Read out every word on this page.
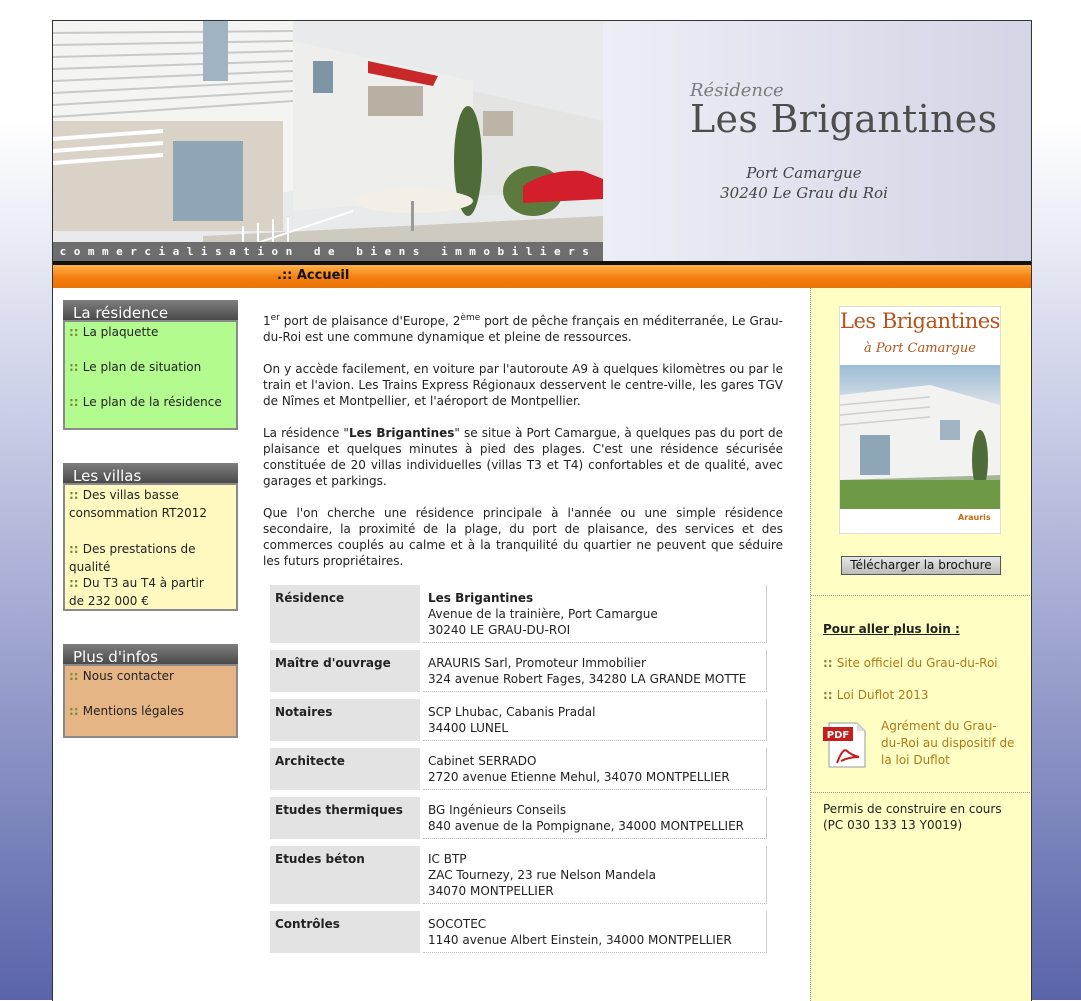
commercialisation de biens immobiliers
Résidence
Les Brigantines
Port Camargue
30240 Le Grau du Roi
.:: Accueil
La résidence
:: La plaquette
:: Le plan de situation
:: Le plan de la résidence
Les villas
:: Des villas basse consommation RT2012
:: Des prestations de qualité
:: Du T3 au T4 à partir de 232 000 €
Plus d'infos
:: Nous contacter
:: Mentions légales

1er port de plaisance d'Europe, 2ème port de pêche français en méditerranée, Le Grau-du-Roi est une commune dynamique et pleine de ressources.

On y accède facilement, en voiture par l'autoroute A9 à quelques kilomètres ou par le train et l'avion. Les Trains Express Régionaux desservent le centre-ville, les gares TGV de Nîmes et Montpellier, et l'aéroport de Montpellier.

La résidence "Les Brigantines" se situe à Port Camargue, à quelques pas du port de plaisance et quelques minutes à pied des plages. C'est une résidence sécurisée constituée de 20 villas individuelles (villas T3 et T4) confortables et de qualité, avec garages et parkings.

Que l'on cherche une résidence principale à l'année ou une simple résidence secondaire, la proximité de la plage, du port de plaisance, des services et des commerces couplés au calme et à la tranquilité du quartier ne peuvent que séduire les futurs propriétaires.

Résidence		Les Brigantines
Avenue de la trainière, Port Camargue
30240 LE GRAU-DU-ROI
Maître d'ouvrage		ARAURIS Sarl, Promoteur Immobilier
324 avenue Robert Fages, 34280 LA GRANDE MOTTE
Notaires		SCP Lhubac, Cabanis Pradal
34400 LUNEL
Architecte		Cabinet SERRADO
2720 avenue Etienne Mehul, 34070 MONTPELLIER
Etudes thermiques		BG Ingénieurs Conseils
840 avenue de la Pompignane, 34000 MONTPELLIER
Etudes béton		IC BTP
ZAC Tournezy, 23 rue Nelson Mandela
34070 MONTPELLIER
Contrôles		SOCOTEC
1140 avenue Albert Einstein, 34000 MONTPELLIER
Les Brigantines
à Port Camargue
Arauris
Télécharger la brochure
Pour aller plus loin :
:: Site officiel du Grau-du-Roi
:: Loi Duflot 2013
PDF
Agrément du Grau-du-Roi au dispositif de la loi Duflot
Permis de construire en cours
(PC 030 133 13 Y0019)
